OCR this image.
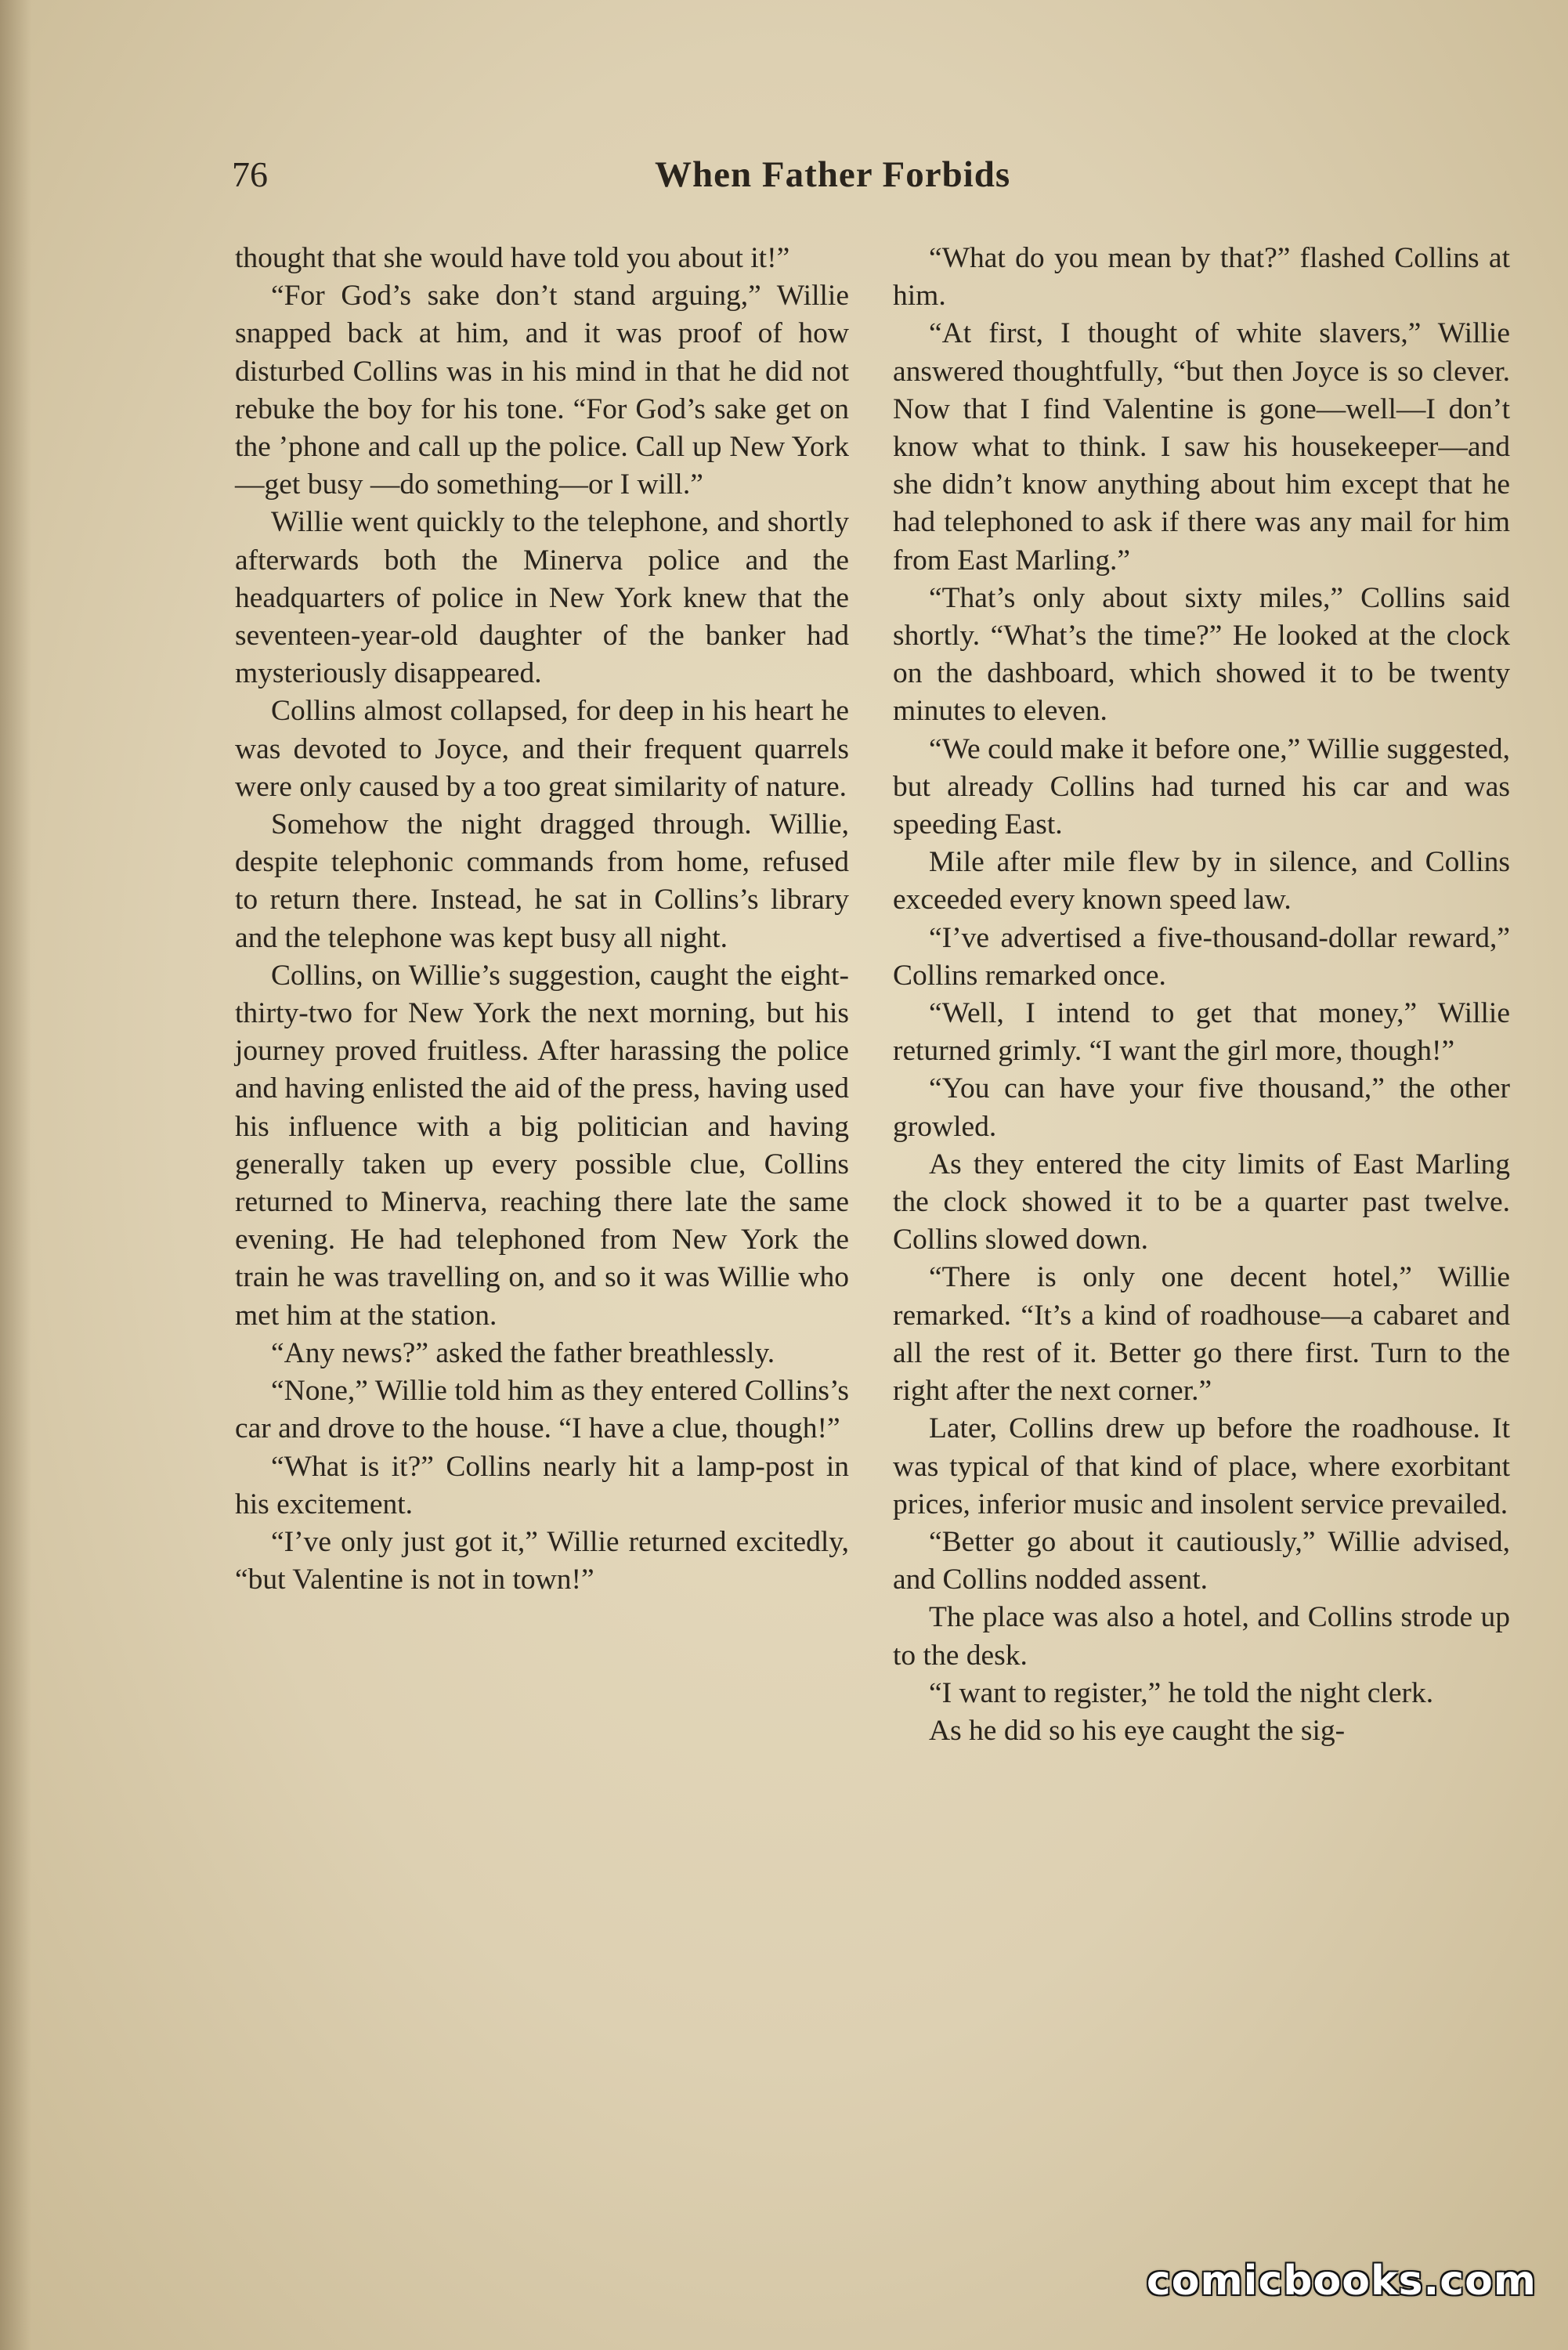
76	When Father Forbids

thought that she would have told you about it!”

“For God’s sake don’t stand arguing,” Willie snapped back at him, and it was proof of how disturbed Collins was in his mind in that he did not rebuke the boy for his tone. “For God’s sake get on the ’phone and call up the police. Call up New York—get busy —do something—or I will.”

Willie went quickly to the telephone, and shortly afterwards both the Minerva police and the headquarters of police in New York knew that the seventeen-year-old daughter of the banker had mysteriously disappeared.

Collins almost collapsed, for deep in his heart he was devoted to Joyce, and their frequent quarrels were only caused by a too great similarity of nature.

Somehow the night dragged through. Willie, despite telephonic commands from home, refused to return there. Instead, he sat in Collins’s library and the telephone was kept busy all night.

Collins, on Willie’s suggestion, caught the eight-thirty-two for New York the next morning, but his journey proved fruitless. After harassing the police and having enlisted the aid of the press, having used his influence with a big politician and having generally taken up every possible clue, Collins returned to Minerva, reaching there late the same evening. He had telephoned from New York the train he was travelling on, and so it was Willie who met him at the station.

“Any news?” asked the father breathlessly.

“None,” Willie told him as they entered Collins’s car and drove to the house. “I have a clue, though!”

“What is it?” Collins nearly hit a lamp-post in his excitement.

“I’ve only just got it,” Willie returned excitedly, “but Valentine is not in town!”

“What do you mean by that?” flashed Collins at him.

“At first, I thought of white slavers,” Willie answered thoughtfully, “but then Joyce is so clever. Now that I find Valentine is gone—well—I don’t know what to think. I saw his housekeeper—and she didn’t know anything about him except that he had telephoned to ask if there was any mail for him from East Marling.”

“That’s only about sixty miles,” Collins said shortly. “What’s the time?” He looked at the clock on the dashboard, which showed it to be twenty minutes to eleven.

“We could make it before one,” Willie suggested, but already Collins had turned his car and was speeding East.

Mile after mile flew by in silence, and Collins exceeded every known speed law.

“I’ve advertised a five-thousand-dollar reward,” Collins remarked once.

“Well, I intend to get that money,” Willie returned grimly. “I want the girl more, though!”

“You can have your five thousand,” the other growled.

As they entered the city limits of East Marling the clock showed it to be a quarter past twelve. Collins slowed down.

“There is only one decent hotel,” Willie remarked. “It’s a kind of roadhouse—a cabaret and all the rest of it. Better go there first. Turn to the right after the next corner.”

Later, Collins drew up before the roadhouse. It was typical of that kind of place, where exorbitant prices, inferior music and insolent service prevailed.

“Better go about it cautiously,” Willie advised, and Collins nodded assent.

The place was also a hotel, and Collins strode up to the desk.

“I want to register,” he told the night clerk.

As he did so his eye caught the sig-

comicbooks.com
